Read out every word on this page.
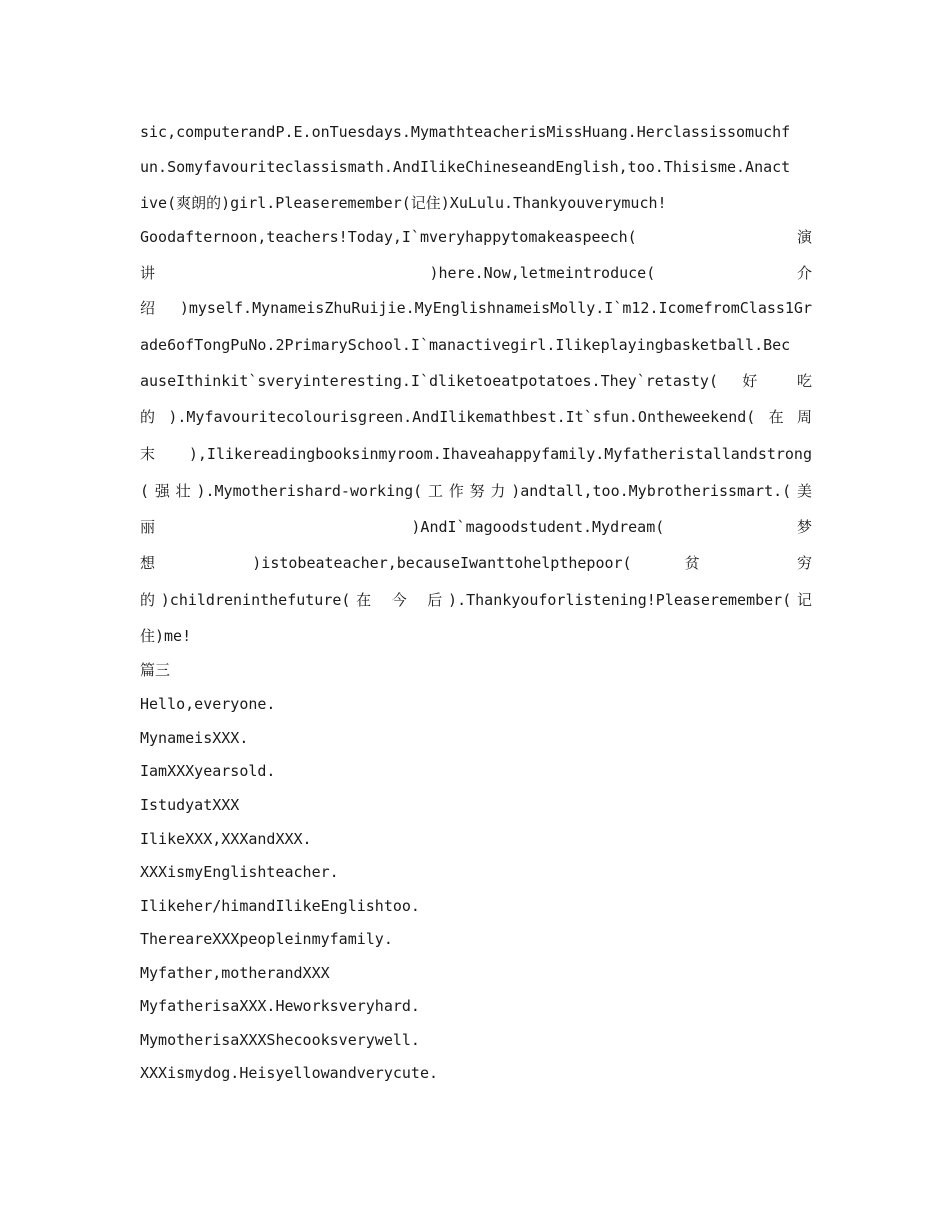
sic,computerandP.E.onTuesdays.MymathteacherisMissHuang.Herclassissomuchf
un.Somyfavouriteclassismath.AndIlikeChineseandEnglish,too.Thisisme.Anact
ive(爽朗的)girl.Pleaseremember(记住)XuLulu.Thankyouverymuch!
Goodafternoon,teachers!Today,I`mveryhappytomakeaspeech( 演
讲 )here.Now,letmeintroduce( 介
绍)myself.MynameisZhuRuijie.MyEnglishnameisMolly.I`m12.IcomefromClass1Gr
ade6ofTongPuNo.2PrimarySchool.I`manactivegirl.Ilikeplayingbasketball.Bec
auseIthinkit`sveryinteresting.I`dliketoeatpotatoes.They`retasty( 好 吃
的).Myfavouritecolourisgreen.AndIlikemathbest.It`sfun.Ontheweekend(在周
末 ),Ilikereadingbooksinmyroom.Ihaveahappyfamily.Myfatheristallandstrong
(强壮).Mymotherishard-working(工作努力)andtall,too.Mybrotherissmart.(美
丽 )AndI`magoodstudent.Mydream( 梦
想 )istobeateacher,becauseIwanttohelpthepoor( 贫 穷
的)childreninthefuture(在 今 后).Thankyouforlistening!Pleaseremember(记
住)me!
篇三
Hello,everyone.
MynameisXXX.
IamXXXyearsold.
IstudyatXXX
IlikeXXX,XXXandXXX.
XXXismyEnglishteacher.
Ilikeher/himandIlikeEnglishtoo.
TherearеXXXpeopleinmyfamily.
Myfather,motherandXXX
MyfatherisaXXX.Heworksveryhard.
MymotherisaXXXShecooksverywell.
XXXismydog.Heisyellowandverycute.
